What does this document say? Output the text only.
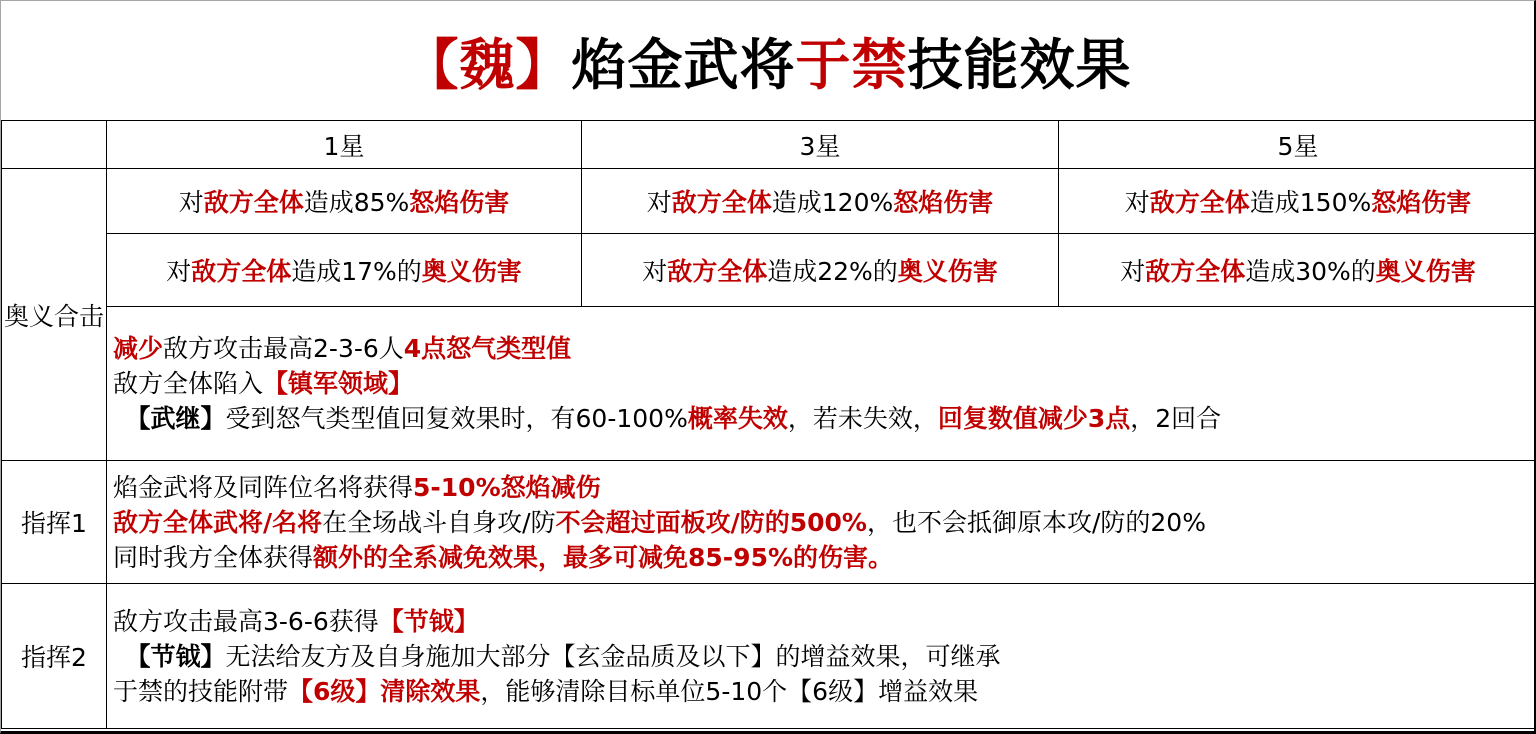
【魏】 焰金武将 于禁 技能效果
	1星	3星	5星
奥义合击	对敌方全体造成85%怒焰伤害	对敌方全体造成120%怒焰伤害	对敌方全体造成150%怒焰伤害
	对敌方全体造成17%的奥义伤害	对敌方全体造成22%的奥义伤害	对敌方全体造成30%的奥义伤害

	减少敌方攻击最高2-3-6人4点怒气类型值
敌方全体陷入【镇军领域】
　【武继】受到怒气类型值回复效果时，有60-100%概率失效，若未失效，回复数值减少3点，2回合		

指挥1	焰金武将及同阵位名将获得5-10%怒焰减伤
敌方全体武将/名将在全场战斗自身攻/防不会超过面板攻/防的500%，也不会抵御原本攻/防的20%
同时我方全体获得额外的全系减免效果，最多可减免85-95%的伤害。		

指挥2	敌方攻击最高3-6-6获得【节钺】
　【节钺】无法给友方及自身施加大部分【玄金品质及以下】的增益效果，可继承
于禁的技能附带【6级】清除效果，能够清除目标单位5-10个【6级】增益效果		
